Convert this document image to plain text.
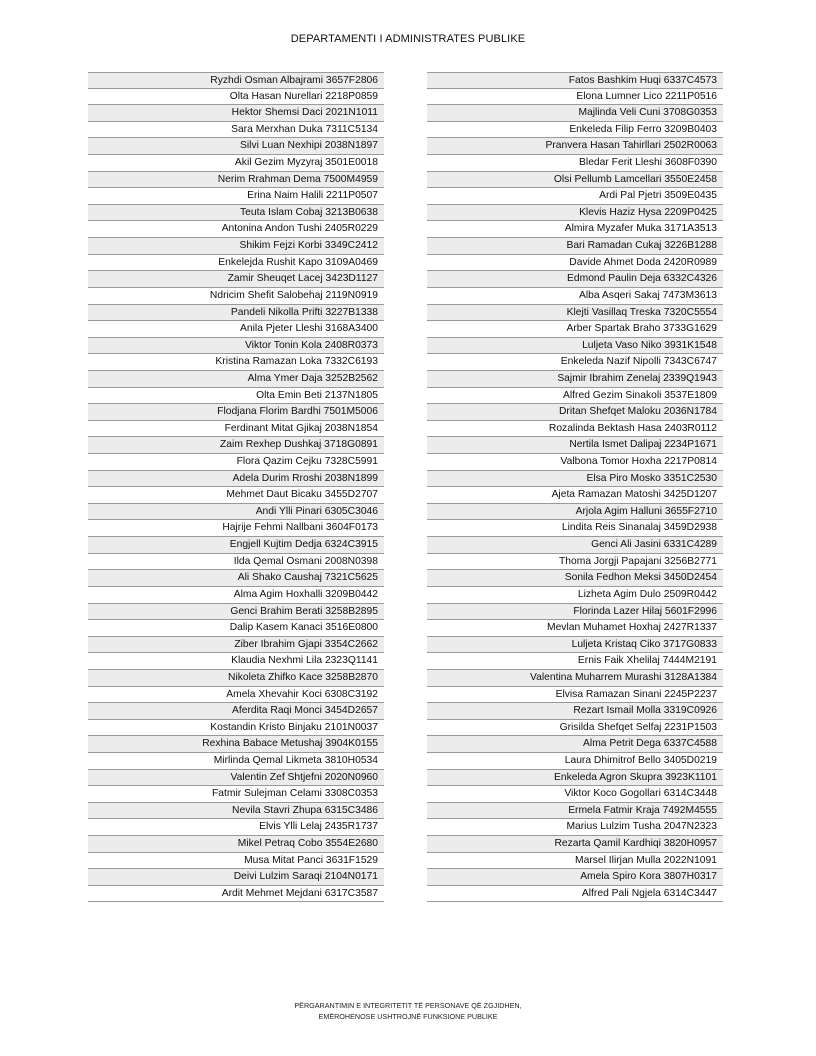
DEPARTAMENTI I ADMINISTRATES PUBLIKE
Ryzhdi Osman Albajrami 3657F2806
Olta Hasan Nurellari 2218P0859
Hektor Shemsi Daci 2021N1011
Sara Merxhan Duka 7311C5134
Silvi Luan Nexhipi 2038N1897
Akil Gezim Myzyraj 3501E0018
Nerim Rrahman Dema 7500M4959
Erina Naim Halili 2211P0507
Teuta Islam Cobaj 3213B0638
Antonina Andon Tushi 2405R0229
Shikim Fejzi Korbi 3349C2412
Enkelejda Rushit Kapo 3109A0469
Zamir Sheuqet Lacej 3423D1127
Ndricim Shefit Salobehaj 2119N0919
Pandeli Nikolla Prifti 3227B1338
Anila Pjeter Lleshi 3168A3400
Viktor Tonin Kola 2408R0373
Kristina Ramazan Loka 7332C6193
Alma Ymer Daja 3252B2562
Olta Emin Beti 2137N1805
Flodjana Florim Bardhi 7501M5006
Ferdinant Mitat Gjikaj 2038N1854
Zaim Rexhep Dushkaj 3718G0891
Flora Qazim Cejku 7328C5991
Adela Durim Rroshi 2038N1899
Mehmet Daut Bicaku 3455D2707
Andi Ylli Pinari 6305C3046
Hajrije Fehmi Nallbani 3604F0173
Engjell Kujtim Dedja 6324C3915
Ilda Qemal Osmani 2008N0398
Ali Shako Caushaj 7321C5625
Alma Agim Hoxhalli 3209B0442
Genci Brahim Berati 3258B2895
Dalip Kasem Kanaci 3516E0800
Ziber Ibrahim Gjapi 3354C2662
Klaudia Nexhmi Lila 2323Q1141
Nikoleta Zhifko Kace 3258B2870
Amela Xhevahir Koci 6308C3192
Aferdita Raqi Monci 3454D2657
Kostandin Kristo Binjaku 2101N0037
Rexhina Babace Metushaj 3904K0155
Mirlinda Qemal Likmeta 3810H0534
Valentin Zef Shtjefni 2020N0960
Fatmir Sulejman Celami 3308C0353
Nevila Stavri Zhupa 6315C3486
Elvis Ylli Lelaj 2435R1737
Mikel Petraq Cobo 3554E2680
Musa Mitat Panci 3631F1529
Deivi Lulzim Saraqi 2104N0171
Ardit Mehmet Mejdani 6317C3587
Fatos Bashkim Huqi 6337C4573
Elona Lumner Lico 2211P0516
Majlinda Veli Cuni 3708G0353
Enkeleda Filip Ferro 3209B0403
Pranvera Hasan Tahirllari 2502R0063
Bledar Ferit Lleshi 3608F0390
Olsi Pellumb Lamcellari 3550E2458
Ardi Pal Pjetri 3509E0435
Klevis Haziz Hysa 2209P0425
Almira Myzafer Muka 3171A3513
Bari Ramadan Cukaj 3226B1288
Davide Ahmet Doda 2420R0989
Edmond Paulin Deja 6332C4326
Alba Asqeri Sakaj 7473M3613
Klejti Vasillaq Treska 7320C5554
Arber Spartak Braho 3733G1629
Luljeta Vaso Niko 3931K1548
Enkeleda Nazif Nipolli 7343C6747
Sajmir Ibrahim Zenelaj 2339Q1943
Alfred Gezim Sinakoli 3537E1809
Dritan Shefqet Maloku 2036N1784
Rozalinda Bektash Hasa 2403R0112
Nertila Ismet Dalipaj 2234P1671
Valbona Tomor Hoxha 2217P0814
Elsa Piro Mosko 3351C2530
Ajeta Ramazan Matoshi 3425D1207
Arjola Agim Halluni 3655F2710
Lindita Reis Sinanalaj 3459D2938
Genci Ali Jasini 6331C4289
Thoma Jorgji Papajani 3256B2771
Sonila Fedhon Meksi 3450D2454
Lizheta Agim Dulo 2509R0442
Florinda Lazer Hilaj 5601F2996
Mevlan Muhamet Hoxhaj 2427R1337
Luljeta Kristaq Ciko 3717G0833
Ernis Faik Xhelilaj 7444M2191
Valentina Muharrem Murashi 3128A1384
Elvisa Ramazan Sinani 2245P2237
Rezart Ismail Molla 3319C0926
Grisilda Shefqet Selfaj 2231P1503
Alma Petrit Dega 6337C4588
Laura Dhimitrof Bello 3405D0219
Enkeleda Agron Skupra 3923K1101
Viktor Koco Gogollari 6314C3448
Ermela Fatmir Kraja 7492M4555
Marius Lulzim Tusha 2047N2323
Rezarta Qamil Kardhiqi 3820H0957
Marsel Ilirjan Mulla 2022N1091
Amela Spiro Kora 3807H0317
Alfred Pali Ngjela 6314C3447
PËRGARANTIMIN E INTEGRITETIT TË PERSONAVE QË ZGJIDHEN,
EMËROHENOSE USHTROJNË FUNKSIONE PUBLIKE
